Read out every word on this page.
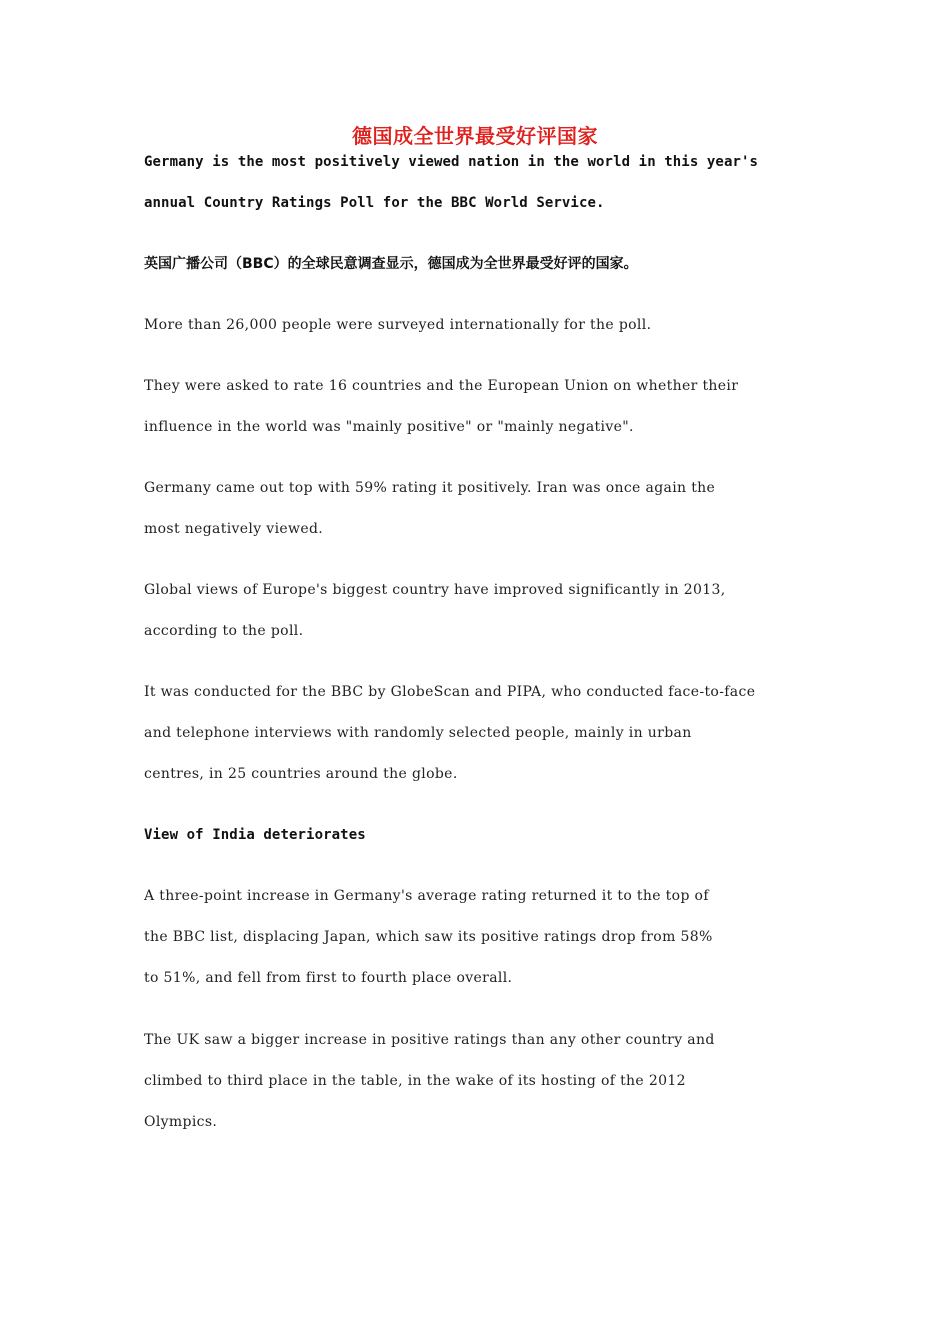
德国成全世界最受好评国家
Germany is the most positively viewed nation in the world in this year's
annual Country Ratings Poll for the BBC World Service.
英国广播公司（BBC）的全球民意调查显示，德国成为全世界最受好评的国家。
More than 26,000 people were surveyed internationally for the poll.
They were asked to rate 16 countries and the European Union on whether their
influence in the world was "mainly positive" or "mainly negative".
Germany came out top with 59% rating it positively. Iran was once again the
most negatively viewed.
Global views of Europe's biggest country have improved significantly in 2013,
according to the poll.
It was conducted for the BBC by GlobeScan and PIPA, who conducted face-to-face
and telephone interviews with randomly selected people, mainly in urban
centres, in 25 countries around the globe.
View of India deteriorates
A three-point increase in Germany's average rating returned it to the top of
the BBC list, displacing Japan, which saw its positive ratings drop from 58%
to 51%, and fell from first to fourth place overall.
The UK saw a bigger increase in positive ratings than any other country and
climbed to third place in the table, in the wake of its hosting of the 2012
Olympics.
